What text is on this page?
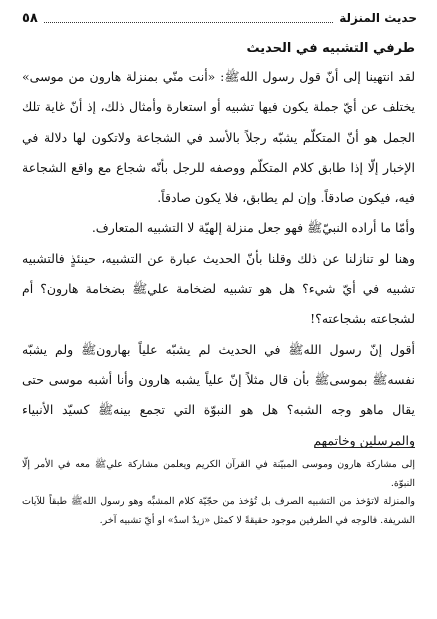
٥٨	حديث المنزلة
طرفي التشبيه في الحديث

لقد انتهينا إلى أنّ قول رسول اللهﷺ: «أنت منّي بمنزلة هارون من موسى» يختلف عن أيّ جملة يكون فيها تشبيه أو استعارة وأمثال ذلك، إذ أنّ غاية تلك الجمل هو أنّ المتكلّم يشبّه رجلاً بالأسد في الشجاعة ولاتكون لها دلالة في الإخبار إلّا إذا طابق كلام المتكلّم ووصفه للرجل بأنّه شجاع مع واقع الشجاعة فيه، فيكون صادقاً. وإن لم يطابق، فلا يكون صادقاً.

وأمّا ما أراده النبيّﷺ فهو جعل منزلة إلهيّة لا التشبيه المتعارف.

وهنا لو تنازلنا عن ذلك وقلنا بأنّ الحديث عبارة عن التشبيه، حينئذٍ فالتشبيه تشبيه في أيّ شيء؟ هل هو تشبيه لضخامة عليﷺ بضخامة هارون؟ أم لشجاعته بشجاعته؟!

أقول إنّ رسول اللهﷺ في الحديث لم يشبّه علياً بهارونﷺ ولم يشبّه نفسهﷺ بموسىﷺ بأن قال مثلاً إنّ علياً يشبه هارون وأنا أشبه موسى حتى يقال ماهو وجه الشبه؟ هل هو النبوّة التي تجمع بينهﷺ كسيّد الأنبياء والمرسلين وخاتمهم

إلى مشاركة هارون وموسى المبيّنة في القرآن الكريم ويعلمن مشاركة عليﷺ معه في الأمر إلّا النبوّة.
والمنزلة لاتؤخذ من التشبيه الصرف بل تُؤخذ من حجّيّة كلام المشبِّه وهو رسول اللهﷺ طبقاً للآيات الشريفة. فالوجه في الطرفين موجود حقيقةً لا كمثل «زيدٌ اسدٌ» او أيّ تشبيه آخر.
